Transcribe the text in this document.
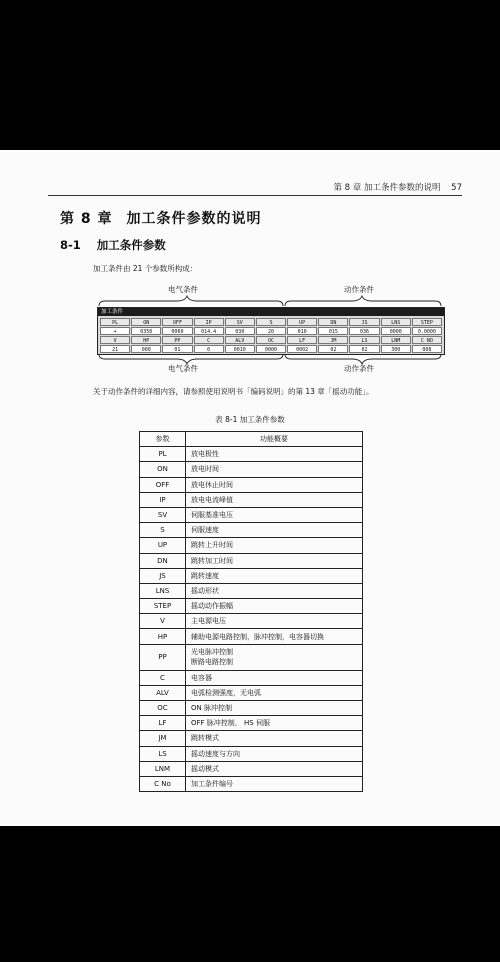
第 8 章 加工条件参数的说明 57
第 8 章 加工条件参数的说明
8-1 加工条件参数
加工条件由 21 个参数所构成：
电气条件	动作条件
加工条件
PL	ON	OFF	IP	SV	S	UP	DN	JS	LNS	STEP
+	0350	0060	014.4	030	20	010	015	036	0000	0.0000
V	HP	PP	C	ALV	OC	LF	JM	LS	LNM	C NO
21	000	01	0	0010	0000	0002	02	02	300	008
电气条件	动作条件
关于动作条件的详细内容，请参照使用说明书「编码说明」的第 13 章「摇动功能」。
表 8-1 加工条件参数
参数	功能概要
PL	放电极性

ON	放电时间

OFF	放电休止时间

IP	放电电流峰值

SV	伺服基准电压

S	伺服速度

UP	跳转上升时间

DN	跳转加工时间

JS	跳转速度

LNS	摇动形状

STEP	摇动动作振幅

V	主电源电压

HP	辅助电源电路控制，脉冲控制，电容器切换

PP	光电脉冲控制
断路电路控制

C	电容器

ALV	电弧检测强度，无电弧

OC	ON 脉冲控制

LF	OFF 脉冲控制， HS 伺服

JM	跳转模式

LS	摇动速度与方向

LNM	摇动模式

C No	加工条件编号
